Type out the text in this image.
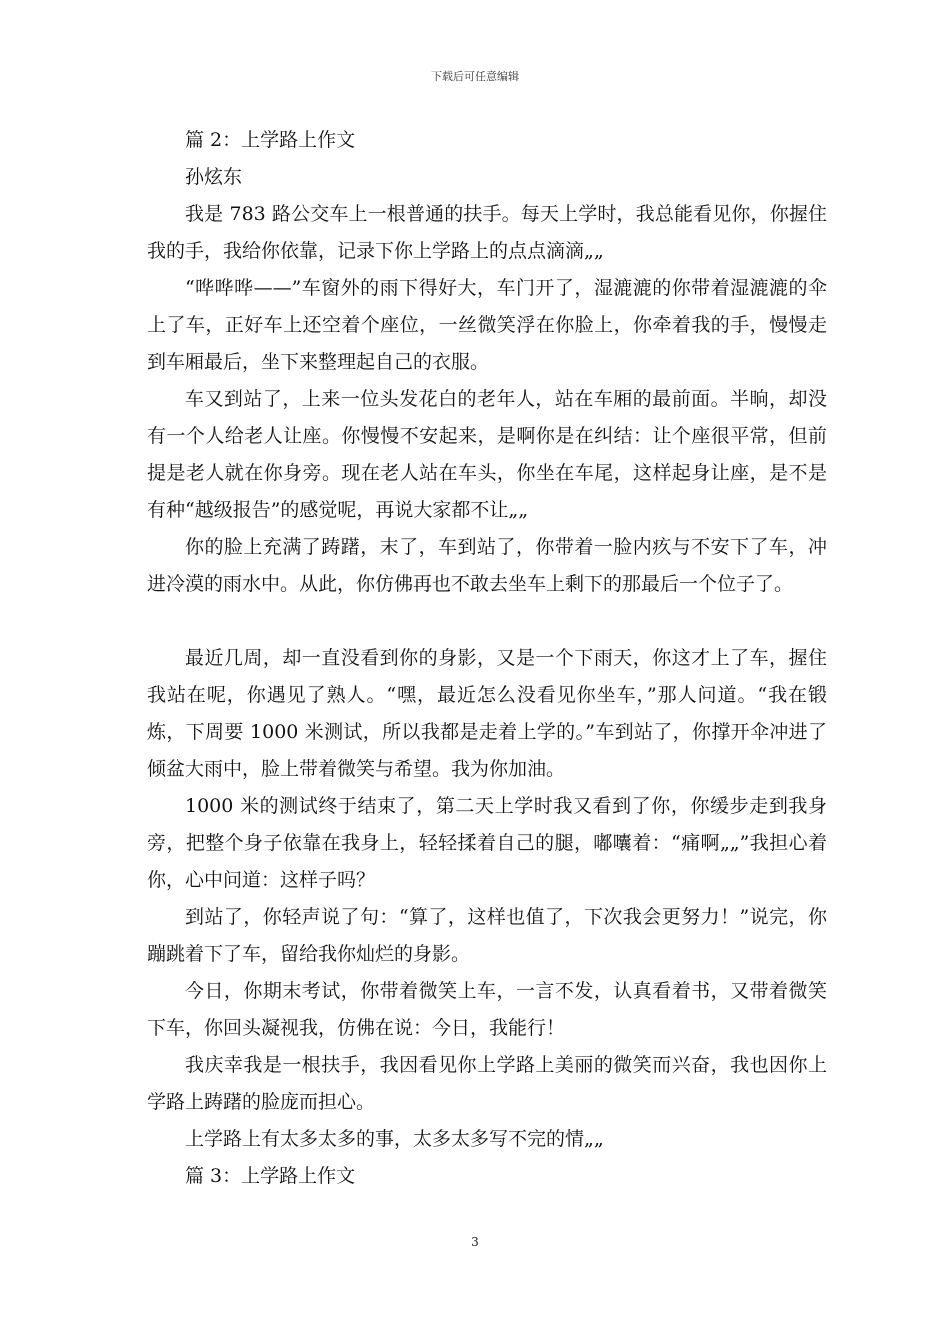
下载后可任意编辑

篇 2：上学路上作文

孙炫东

我是 783 路公交车上一根普通的扶手。每天上学时，我总能看见你，你握住我的手，我给你依靠，记录下你上学路上的点点滴滴„„

“哗哗哗——”车窗外的雨下得好大，车门开了，湿漉漉的你带着湿漉漉的伞上了车，正好车上还空着个座位，一丝微笑浮在你脸上，你牵着我的手，慢慢走到车厢最后，坐下来整理起自己的衣服。

车又到站了，上来一位头发花白的老年人，站在车厢的最前面。半晌，却没有一个人给老人让座。你慢慢不安起来，是啊你是在纠结：让个座很平常，但前提是老人就在你身旁。现在老人站在车头，你坐在车尾，这样起身让座，是不是有种“越级报告”的感觉呢，再说大家都不让„„

你的脸上充满了踌躇，末了，车到站了，你带着一脸内疚与不安下了车，冲进冷漠的雨水中。从此，你仿佛再也不敢去坐车上剩下的那最后一个位子了。

最近几周，却一直没看到你的身影，又是一个下雨天，你这才上了车，握住我站在呢，你遇见了熟人。“嘿，最近怎么没看见你坐车，”那人问道。“我在锻炼，下周要 1000 米测试，所以我都是走着上学的。”车到站了，你撑开伞冲进了倾盆大雨中，脸上带着微笑与希望。我为你加油。

1000 米的测试终于结束了，第二天上学时我又看到了你，你缓步走到我身旁，把整个身子依靠在我身上，轻轻揉着自己的腿，嘟囔着：“痛啊„„”我担心着你，心中问道：这样子吗？

到站了，你轻声说了句：“算了，这样也值了，下次我会更努力！”说完，你蹦跳着下了车，留给我你灿烂的身影。

今日，你期末考试，你带着微笑上车，一言不发，认真看着书，又带着微笑下车，你回头凝视我，仿佛在说：今日，我能行！

我庆幸我是一根扶手，我因看见你上学路上美丽的微笑而兴奋，我也因你上学路上踌躇的脸庞而担心。

上学路上有太多太多的事，太多太多写不完的情„„

篇 3：上学路上作文

3
